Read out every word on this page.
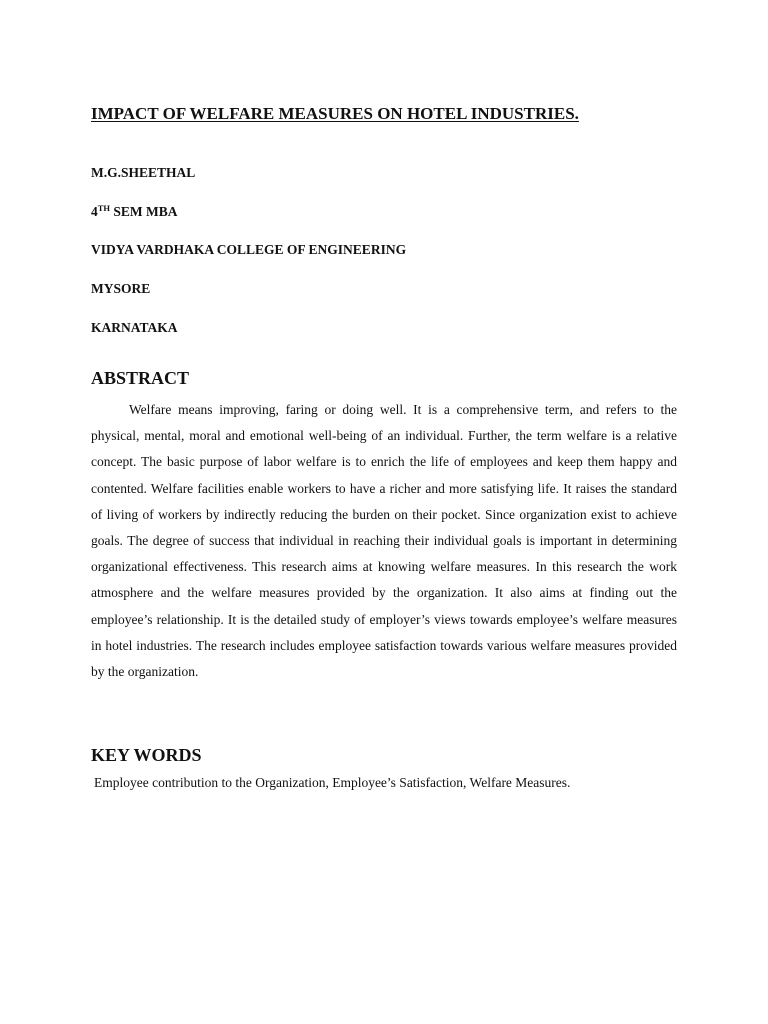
IMPACT OF WELFARE MEASURES ON HOTEL INDUSTRIES.

M.G.SHEETHAL

4TH SEM MBA

VIDYA VARDHAKA COLLEGE OF ENGINEERING

MYSORE

KARNATAKA

ABSTRACT

Welfare means improving, faring or doing well. It is a comprehensive term, and refers to the physical, mental, moral and emotional well-being of an individual. Further, the term welfare is a relative concept. The basic purpose of labor welfare is to enrich the life of employees and keep them happy and contented. Welfare facilities enable workers to have a richer and more satisfying life. It raises the standard of living of workers by indirectly reducing the burden on their pocket. Since organization exist to achieve goals. The degree of success that individual in reaching their individual goals is important in determining organizational effectiveness. This research aims at knowing welfare measures. In this research the work atmosphere and the welfare measures provided by the organization. It also aims at finding out the employee’s relationship. It is the detailed study of employer’s views towards employee’s welfare measures in hotel industries. The research includes employee satisfaction towards various welfare measures provided by the organization.

KEY WORDS

Employee contribution to the Organization, Employee’s Satisfaction, Welfare Measures.
